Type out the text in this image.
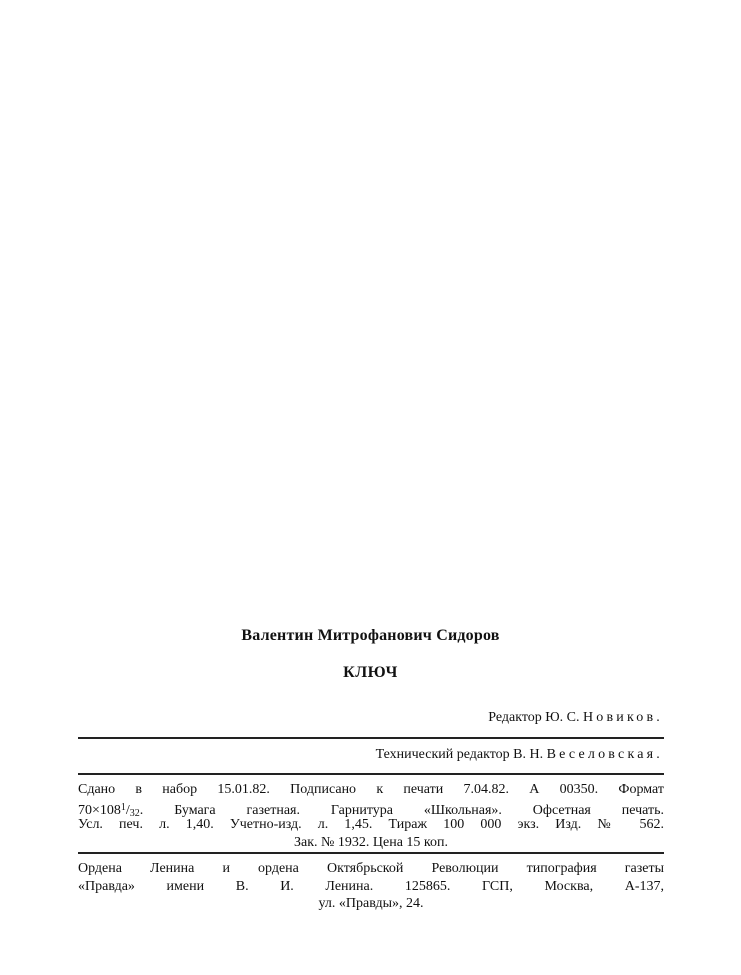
Валентин Митрофанович Сидоров
КЛЮЧ
Редактор Ю. С. Новиков.
Технический редактор В. Н. Веселовская.
Сдано в набор 15.01.82. Подписано к печати 7.04.82. А 00350. Формат
$70\times 108^1/32$. Бумага газетная. Гарнитура «Школьная». Офсетная печать.
Усл. печ. л. 1,40. Учетно-изд. л. 1,45. Тираж 100 000 экз. Изд. № 562.
Зак. № 1932. Цена 15 коп.
Ордена Ленина и ордена Октябрьской Революции типография газеты
«Правда» имени В. И. Ленина. 125865. ГСП, Москва, А-137,
ул. «Правды», 24.
